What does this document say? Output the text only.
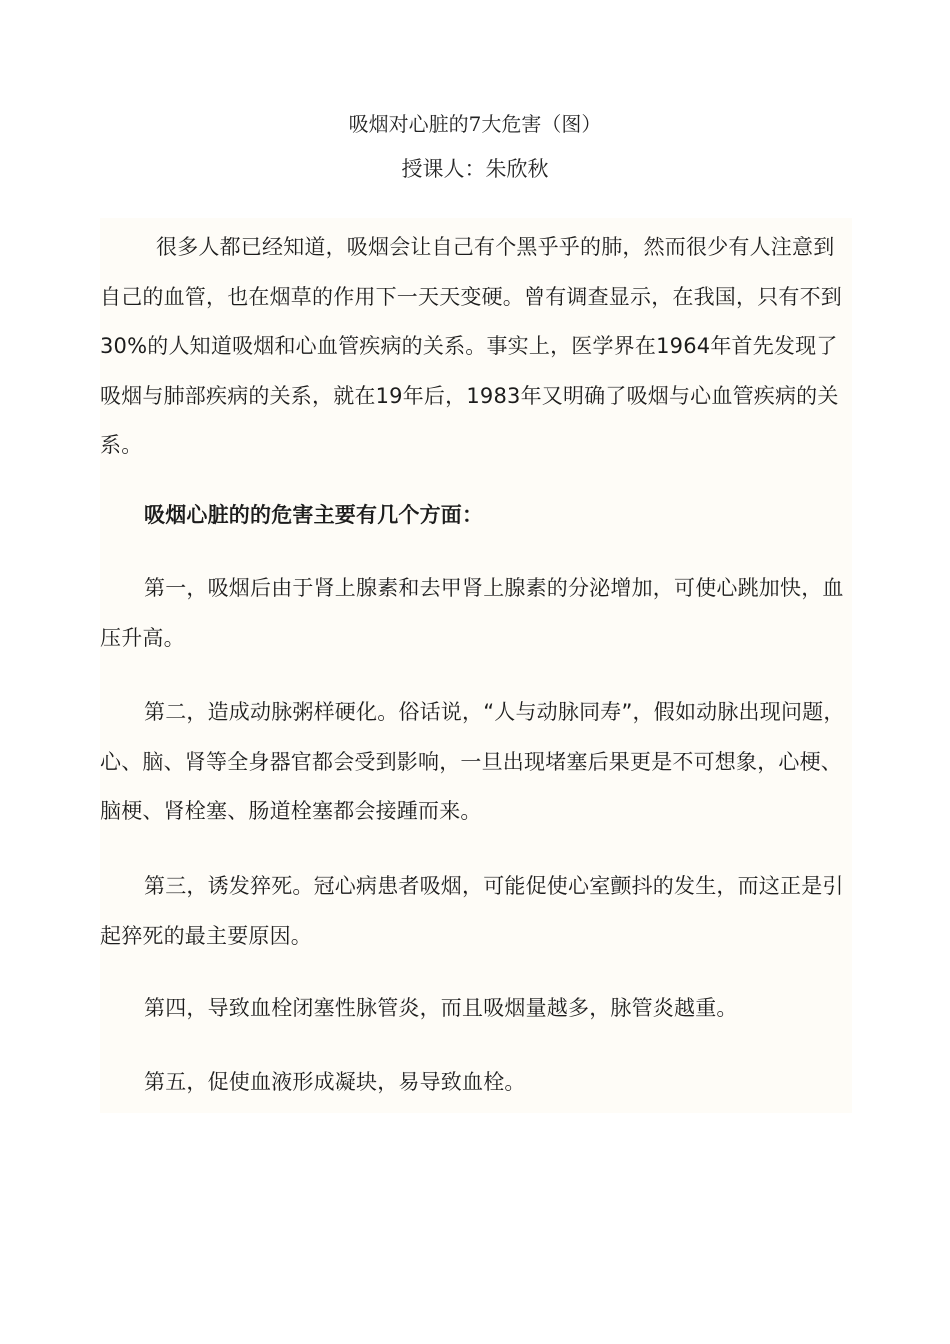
吸烟对心脏的7大危害（图）
授课人：朱欣秋

很多人都已经知道，吸烟会让自己有个黑乎乎的肺，然而很少有人注意到自己的血管，也在烟草的作用下一天天变硬。曾有调查显示，在我国，只有不到30%的人知道吸烟和心血管疾病的关系。事实上，医学界在1964年首先发现了吸烟与肺部疾病的关系，就在19年后，1983年又明确了吸烟与心血管疾病的关系。

吸烟心脏的的危害主要有几个方面：

第一，吸烟后由于肾上腺素和去甲肾上腺素的分泌增加，可使心跳加快，血压升高。

第二，造成动脉粥样硬化。俗话说，“人与动脉同寿”，假如动脉出现问题，心、脑、肾等全身器官都会受到影响，一旦出现堵塞后果更是不可想象，心梗、脑梗、肾栓塞、肠道栓塞都会接踵而来。

第三，诱发猝死。冠心病患者吸烟，可能促使心室颤抖的发生，而这正是引起猝死的最主要原因。

第四，导致血栓闭塞性脉管炎，而且吸烟量越多，脉管炎越重。

第五，促使血液形成凝块，易导致血栓。
